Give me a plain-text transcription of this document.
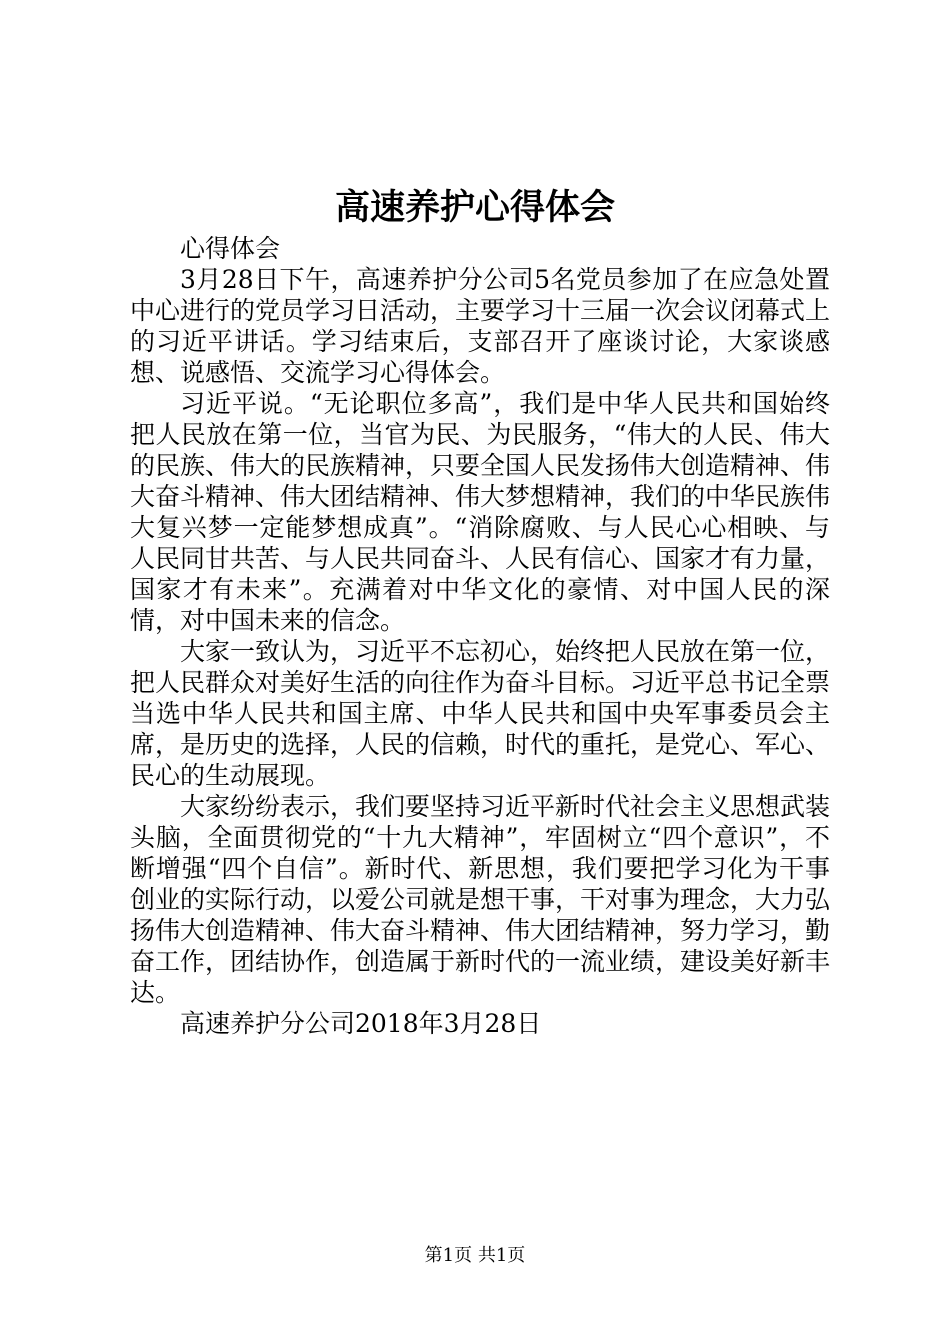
高速养护心得体会

心得体会

3月28日下午，高速养护分公司5名党员参加了在应急处置中心进行的党员学习日活动，主要学习十三届一次会议闭幕式上的习近平讲话。学习结束后，支部召开了座谈讨论，大家谈感想、说感悟、交流学习心得体会。

习近平说。“无论职位多高”，我们是中华人民共和国始终把人民放在第一位，当官为民、为民服务，“伟大的人民、伟大的民族、伟大的民族精神，只要全国人民发扬伟大创造精神、伟大奋斗精神、伟大团结精神、伟大梦想精神，我们的中华民族伟大复兴梦一定能梦想成真”。“消除腐败、与人民心心相映、与人民同甘共苦、与人民共同奋斗、人民有信心、国家才有力量，国家才有未来”。充满着对中华文化的豪情、对中国人民的深情，对中国未来的信念。

大家一致认为，习近平不忘初心，始终把人民放在第一位，把人民群众对美好生活的向往作为奋斗目标。习近平总书记全票当选中华人民共和国主席、中华人民共和国中央军事委员会主席，是历史的选择，人民的信赖，时代的重托，是党心、军心、民心的生动展现。

大家纷纷表示，我们要坚持习近平新时代社会主义思想武装头脑，全面贯彻党的“十九大精神”，牢固树立“四个意识”，不断增强“四个自信”。新时代、新思想，我们要把学习化为干事创业的实际行动，以爱公司就是想干事，干对事为理念，大力弘扬伟大创造精神、伟大奋斗精神、伟大团结精神，努力学习，勤奋工作，团结协作，创造属于新时代的一流业绩，建设美好新丰达。

高速养护分公司2018年3月28日

第1页 共1页
